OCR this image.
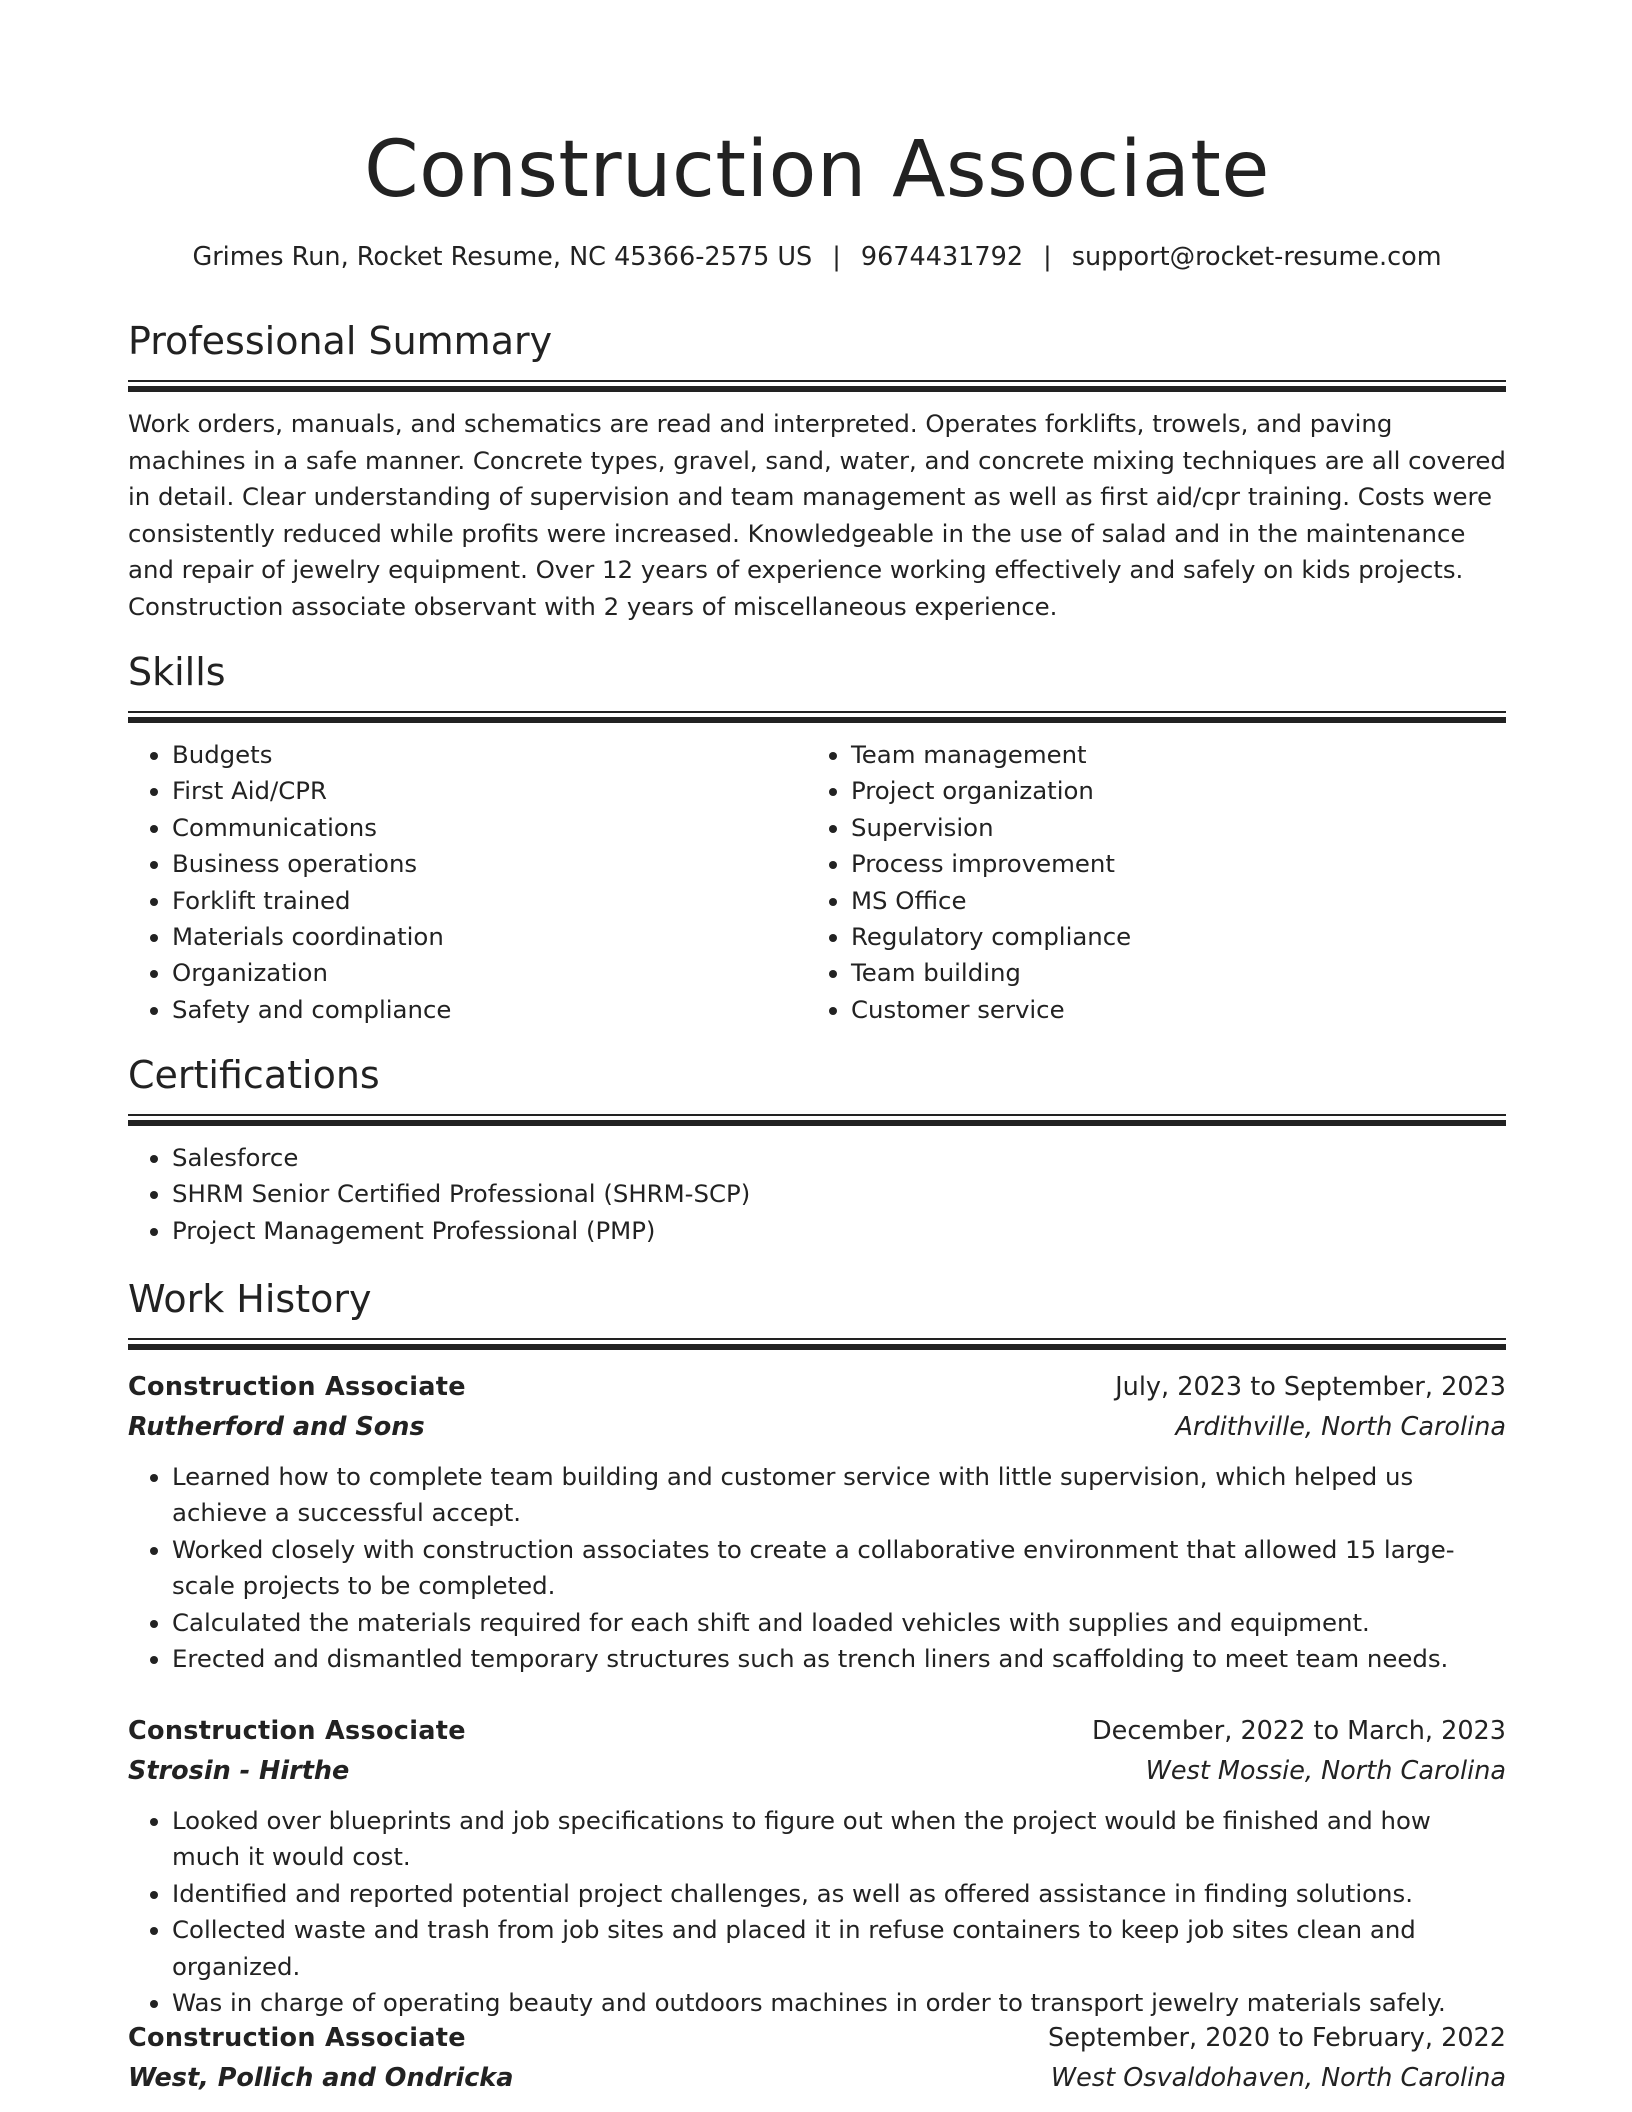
Construction Associate
Grimes Run, Rocket Resume, NC 45366-2575 US | 9674431792 | support@rocket-resume.com
Professional Summary
Work orders, manuals, and schematics are read and interpreted. Operates forklifts, trowels, and paving machines in a safe manner. Concrete types, gravel, sand, water, and concrete mixing techniques are all covered in detail. Clear understanding of supervision and team management as well as first aid/cpr training. Costs were consistently reduced while profits were increased. Knowledgeable in the use of salad and in the maintenance and repair of jewelry equipment. Over 12 years of experience working effectively and safely on kids projects. Construction associate observant with 2 years of miscellaneous experience.
Skills
• Budgets
• First Aid/CPR
• Communications
• Business operations
• Forklift trained
• Materials coordination
• Organization
• Safety and compliance
• Team management
• Project organization
• Supervision
• Process improvement
• MS Office
• Regulatory compliance
• Team building
• Customer service
Certifications
• Salesforce
• SHRM Senior Certified Professional (SHRM-SCP)
• Project Management Professional (PMP)
Work History
Construction Associate	July, 2023 to September, 2023
Rutherford and Sons	Ardithville, North Carolina
• Learned how to complete team building and customer service with little supervision, which helped us achieve a successful accept.
• Worked closely with construction associates to create a collaborative environment that allowed 15 large-scale projects to be completed.
• Calculated the materials required for each shift and loaded vehicles with supplies and equipment.
• Erected and dismantled temporary structures such as trench liners and scaffolding to meet team needs.
Construction Associate	December, 2022 to March, 2023
Strosin - Hirthe	West Mossie, North Carolina
• Looked over blueprints and job specifications to figure out when the project would be finished and how much it would cost.
• Identified and reported potential project challenges, as well as offered assistance in finding solutions.
• Collected waste and trash from job sites and placed it in refuse containers to keep job sites clean and organized.
• Was in charge of operating beauty and outdoors machines in order to transport jewelry materials safely.
Construction Associate	September, 2020 to February, 2022
West, Pollich and Ondricka	West Osvaldohaven, North Carolina
